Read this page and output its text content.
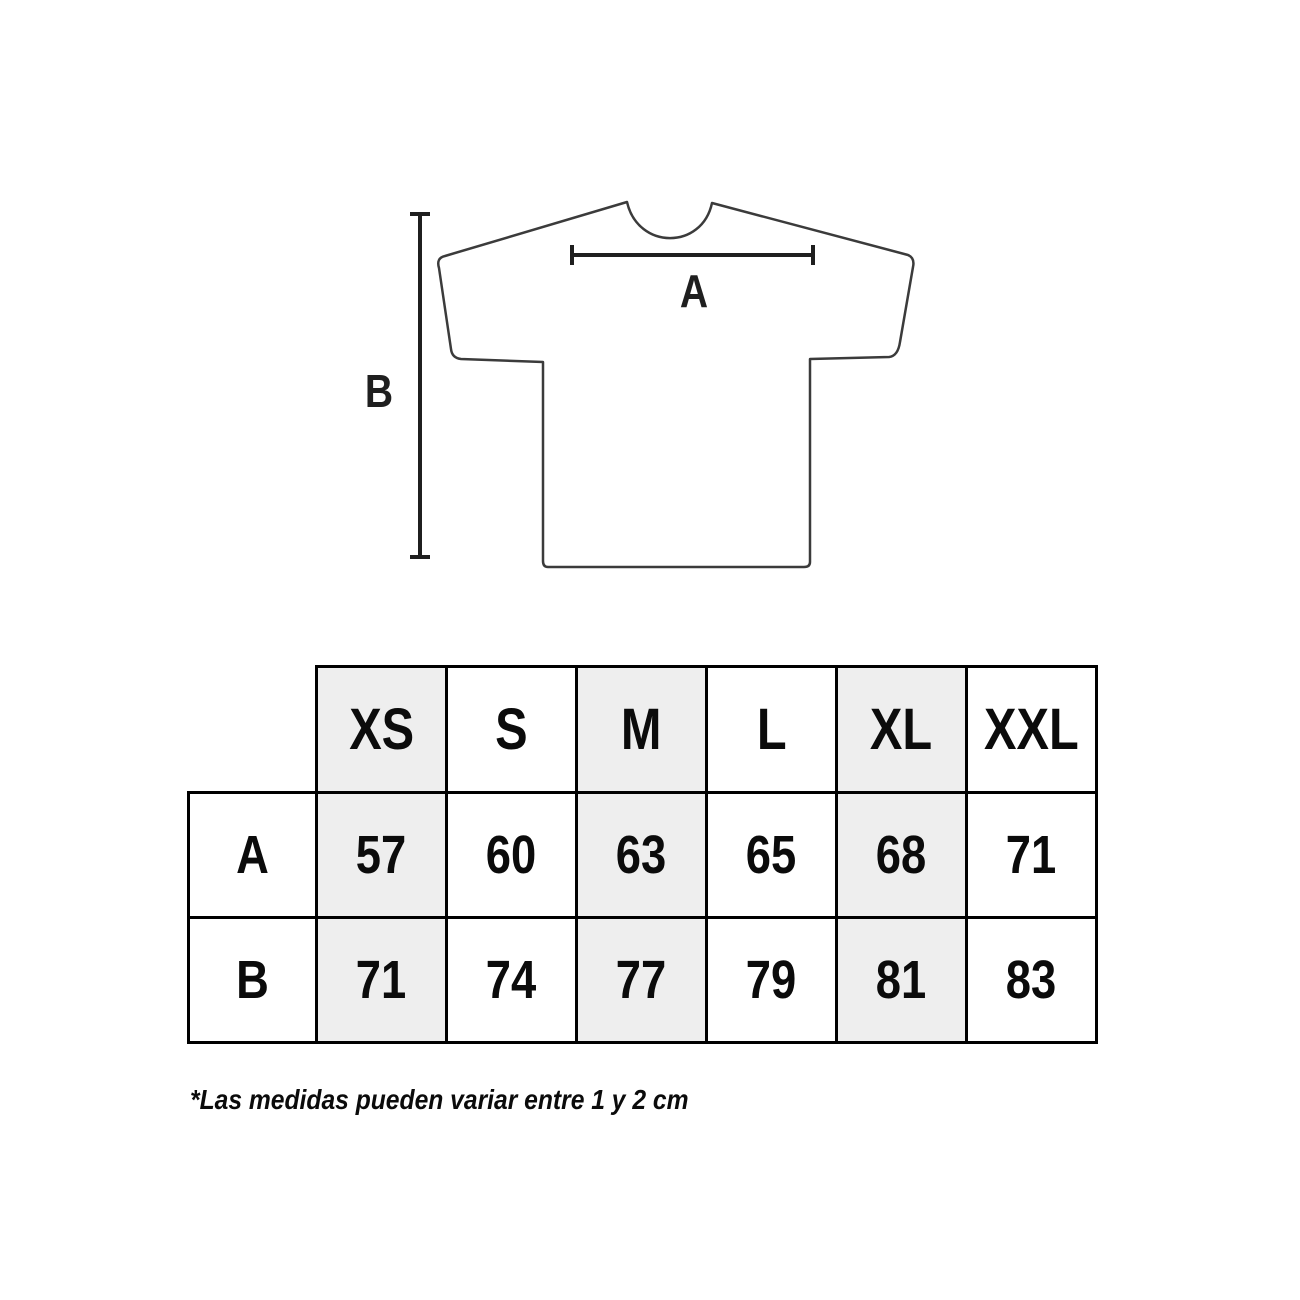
A
B
	XS	S	M	L	XL	XXL
A	57	60	63	65	68	71
B	71	74	77	79	81	83
*Las medidas pueden variar entre 1 y 2 cm
